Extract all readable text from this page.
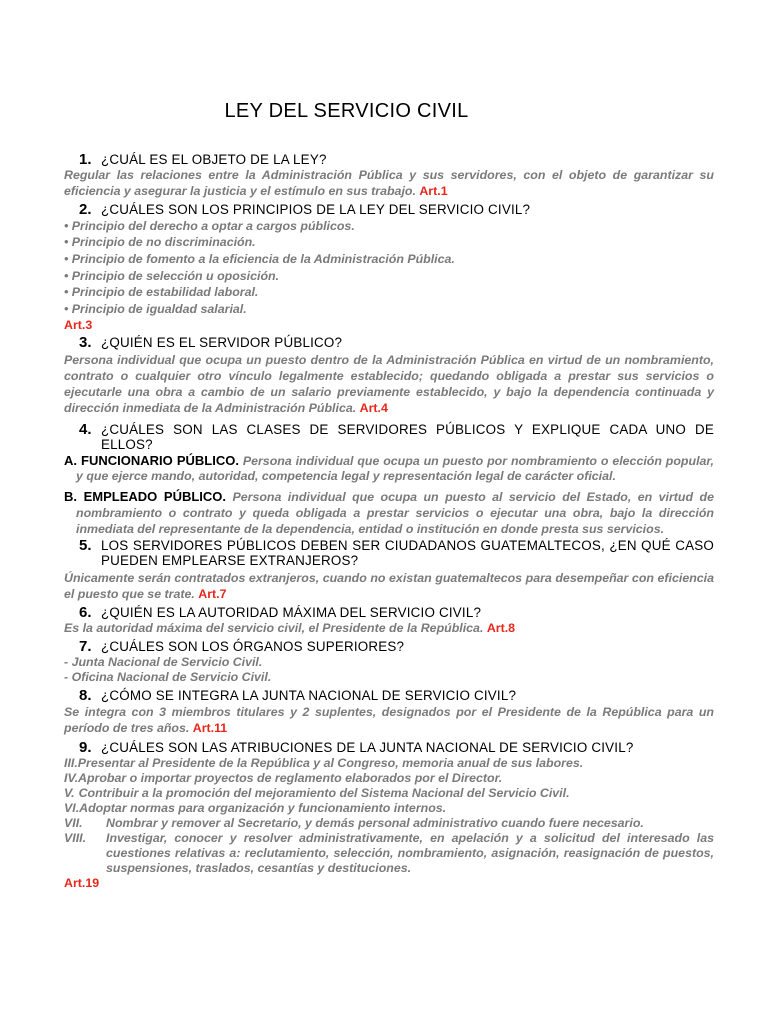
LEY DEL SERVICIO CIVIL
1. ¿CUÁL ES EL OBJETO DE LA LEY?

Regular las relaciones entre la Administración Pública y sus servidores, con el objeto de garantizar su eficiencia y asegurar la justicia y el estímulo en sus trabajo. Art.1

2. ¿CUÁLES SON LOS PRINCIPIOS DE LA LEY DEL SERVICIO CIVIL?
• Principio del derecho a optar a cargos públicos.
• Principio de no discriminación.
• Principio de fomento a la eficiencia de la Administración Pública.
• Principio de selección u oposición.
• Principio de estabilidad laboral.
• Principio de igualdad salarial.
Art.3
3. ¿QUIÉN ES EL SERVIDOR PÚBLICO?

Persona individual que ocupa un puesto dentro de la Administración Pública en virtud de un nombramiento, contrato o cualquier otro vínculo legalmente establecido; quedando obligada a prestar sus servicios o ejecutarle una obra a cambio de un salario previamente establecido, y bajo la dependencia continuada y dirección inmediata de la Administración Pública. Art.4

4. ¿CUÁLES SON LAS CLASES DE SERVIDORES PÚBLICOS Y EXPLIQUE CADA UNO DE ELLOS?

A. FUNCIONARIO PÚBLICO. Persona individual que ocupa un puesto por nombramiento o elección popular, y que ejerce mando, autoridad, competencia legal y representación legal de carácter oficial.

B. EMPLEADO PÚBLICO. Persona individual que ocupa un puesto al servicio del Estado, en virtud de nombramiento o contrato y queda obligada a prestar servicios o ejecutar una obra, bajo la dirección inmediata del representante de la dependencia, entidad o institución en donde presta sus servicios.

5. LOS SERVIDORES PÚBLICOS DEBEN SER CIUDADANOS GUATEMALTECOS, ¿EN QUÉ CASO PUEDEN EMPLEARSE EXTRANJEROS?

Únicamente serán contratados extranjeros, cuando no existan guatemaltecos para desempeñar con eficiencia el puesto que se trate. Art.7

6. ¿QUIÉN ES LA AUTORIDAD MÁXIMA DEL SERVICIO CIVIL?

Es la autoridad máxima del servicio civil, el Presidente de la República. Art.8

7. ¿CUÁLES SON LOS ÓRGANOS SUPERIORES?
- Junta Nacional de Servicio Civil.
- Oficina Nacional de Servicio Civil.
8. ¿CÓMO SE INTEGRA LA JUNTA NACIONAL DE SERVICIO CIVIL?

Se integra con 3 miembros titulares y 2 suplentes, designados por el Presidente de la República para un período de tres años. Art.11

9. ¿CUÁLES SON LAS ATRIBUCIONES DE LA JUNTA NACIONAL DE SERVICIO CIVIL?
III. Presentar al Presidente de la República y al Congreso, memoria anual de sus labores.
IV. Aprobar o importar proyectos de reglamento elaborados por el Director.
V. Contribuir a la promoción del mejoramiento del Sistema Nacional del Servicio Civil.
VI. Adoptar normas para organización y funcionamiento internos.
VII.	Nombrar y remover al Secretario, y demás personal administrativo cuando fuere necesario.
VIII.	Investigar, conocer y resolver administrativamente, en apelación y a solicitud del interesado las cuestiones relativas a: reclutamiento, selección, nombramiento, asignación, reasignación de puestos, suspensiones, traslados, cesantías y destituciones.
Art.19
